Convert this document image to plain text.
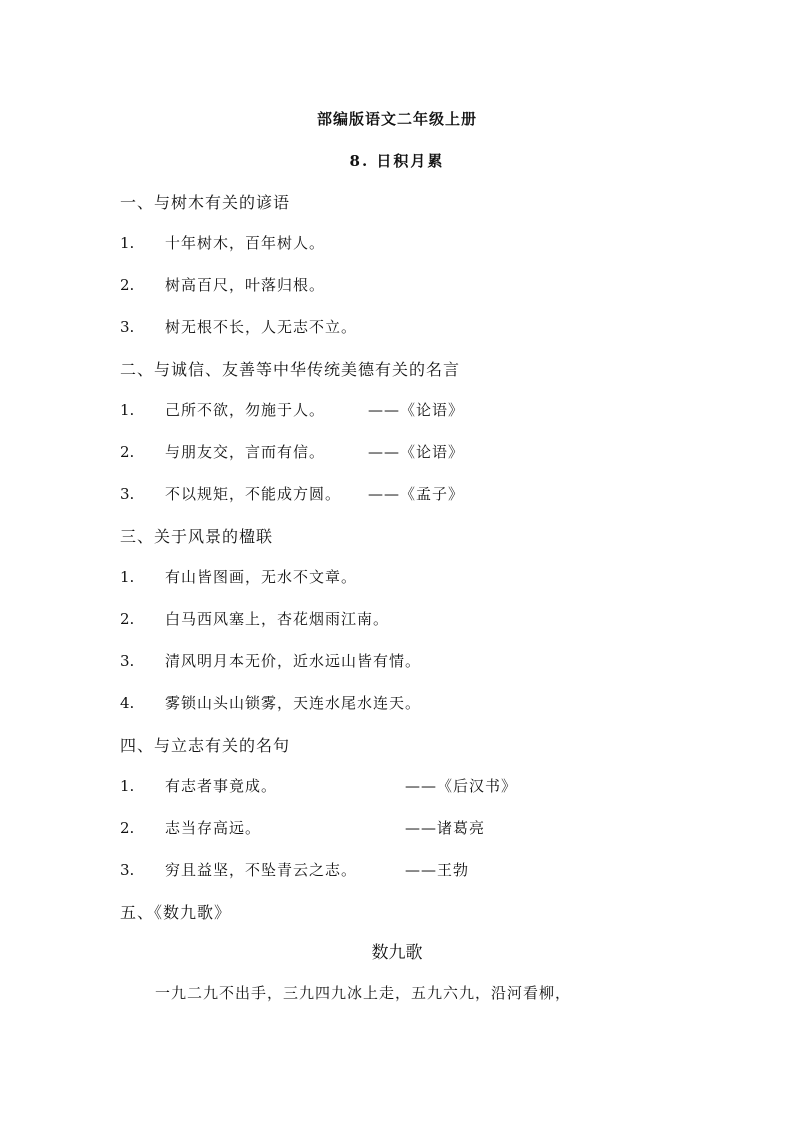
部编版语文二年级上册
8. 日积月累
一、与树木有关的谚语
1. 十年树木，百年树人。
2. 树高百尺，叶落归根。
3. 树无根不长，人无志不立。
二、与诚信、友善等中华传统美德有关的名言
1. 己所不欲，勿施于人。	——《论语》
2. 与朋友交，言而有信。	——《论语》
3. 不以规矩，不能成方圆。 ——《孟子》
三、关于风景的楹联
1. 有山皆图画，无水不文章。
2. 白马西风塞上，杏花烟雨江南。
3. 清风明月本无价，近水远山皆有情。
4. 雾锁山头山锁雾，天连水尾水连天。
四、与立志有关的名句
1. 有志者事竟成。	——《后汉书》
2. 志当存高远。	——诸葛亮
3. 穷且益坚，不坠青云之志。	——王勃
五、《数九歌》
数九歌
一九二九不出手，三九四九冰上走，五九六九，沿河看柳，
